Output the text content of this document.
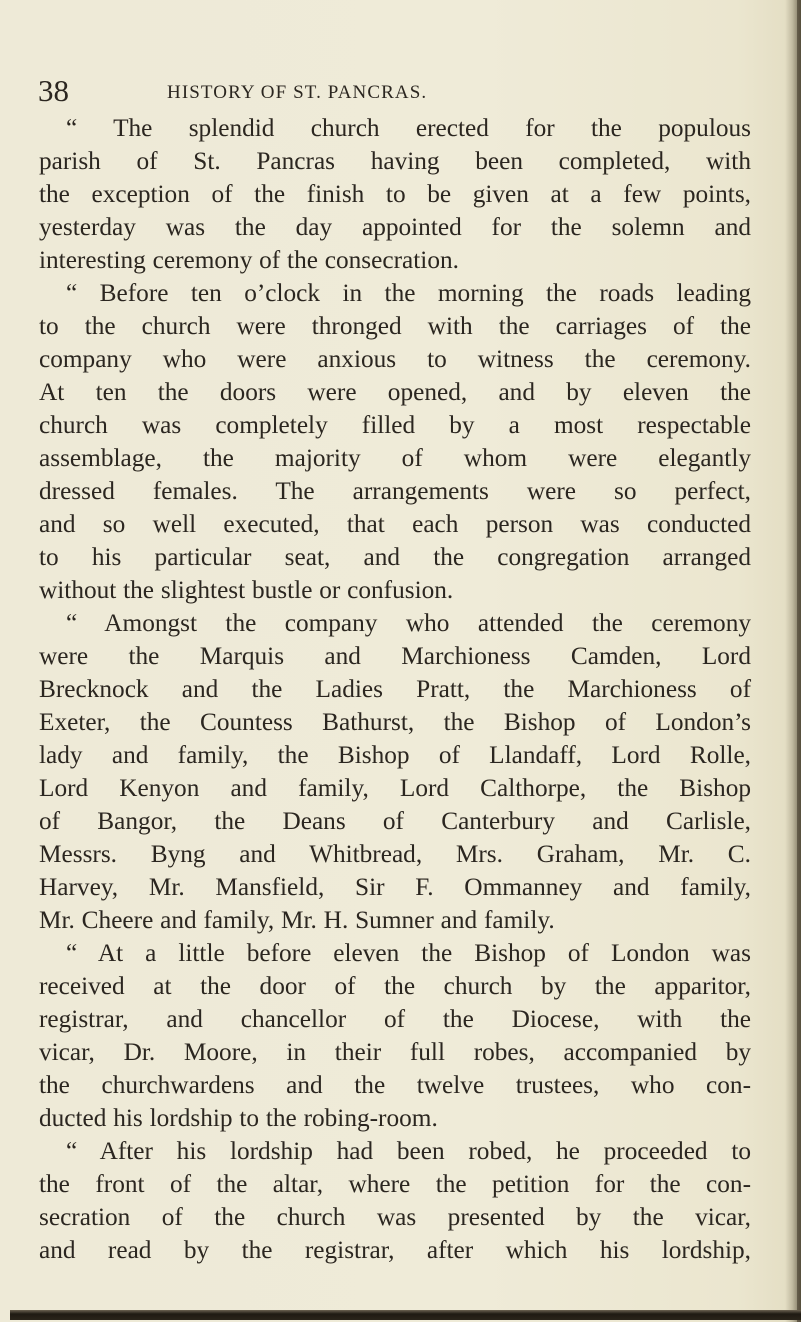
38	HISTORY OF ST. PANCRAS.
“ The splendid church erected for the populous
parish of St. Pancras having been completed, with
the exception of the finish to be given at a few points,
yesterday was the day appointed for the solemn and
interesting ceremony of the consecration.
“ Before ten o’clock in the morning the roads leading
to the church were thronged with the carriages of the
company who were anxious to witness the ceremony.
At ten the doors were opened, and by eleven the
church was completely filled by a most respectable
assemblage, the majority of whom were elegantly
dressed females. The arrangements were so perfect,
and so well executed, that each person was conducted
to his particular seat, and the congregation arranged
without the slightest bustle or confusion.
“ Amongst the company who attended the ceremony
were the Marquis and Marchioness Camden, Lord
Brecknock and the Ladies Pratt, the Marchioness of
Exeter, the Countess Bathurst, the Bishop of London’s
lady and family, the Bishop of Llandaff, Lord Rolle,
Lord Kenyon and family, Lord Calthorpe, the Bishop
of Bangor, the Deans of Canterbury and Carlisle,
Messrs. Byng and Whitbread, Mrs. Graham, Mr. C.
Harvey, Mr. Mansfield, Sir F. Ommanney and family,
Mr. Cheere and family, Mr. H. Sumner and family.
“ At a little before eleven the Bishop of London was
received at the door of the church by the apparitor,
registrar, and chancellor of the Diocese, with the
vicar, Dr. Moore, in their full robes, accompanied by
the churchwardens and the twelve trustees, who con-
ducted his lordship to the robing-room.
“ After his lordship had been robed, he proceeded to
the front of the altar, where the petition for the con-
secration of the church was presented by the vicar,
and read by the registrar, after which his lordship,
